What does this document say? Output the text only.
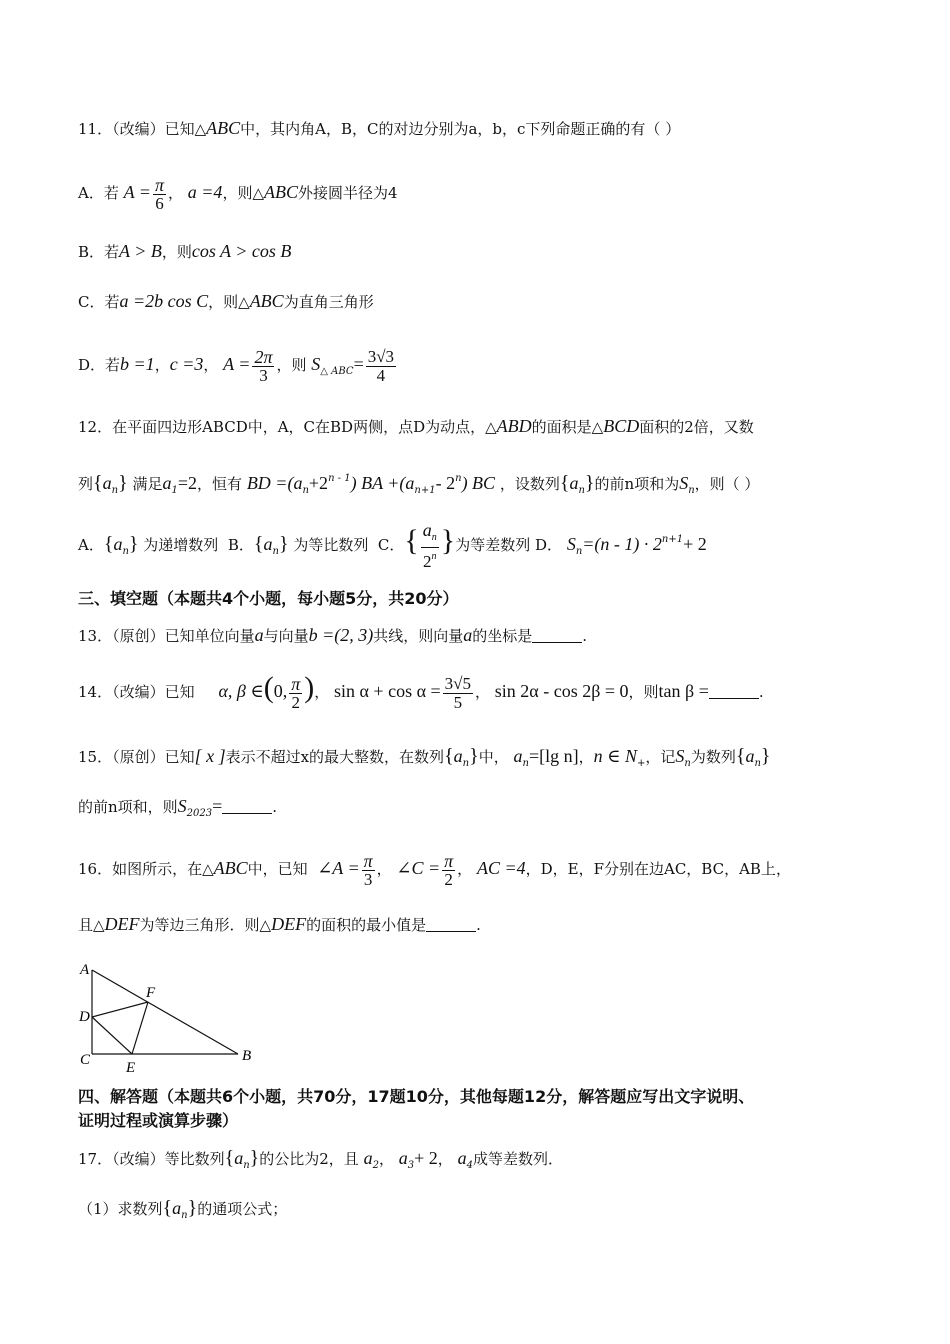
11．（改编）已知△ABC中，其内角A，B，C的对边分别为a，b，c下列命题正确的有（ ）
A．若 $A = \frac{\pi}{6}$ ， a =4，则△ABC外接圆半径为4
B．若A > B，则cos A > cos B
C．若a =2b cos C，则△ABC为直角三角形
D．若b =1，c =3， $A = \frac{2\pi}{3}$ ，则 $S_{\triangle ABC}= \frac{3√3}{4}$
12．在平面四边形ABCD中，A，C在BD两侧，点D为动点，△ABD的面积是△BCD面积的2倍，又数
列$\{a_n\}$ 满足$a_1=2$，恒有 BD $=(a_n+2^{n - 1})$ BA $+(a_{n+1}-$ 2$^n$) BC ，设数列$\{a_n\}$的前n项和为$S_n$，则（ ）
A．$\{a_n\}$ 为递增数列 B．$\{a_n\}$ 为等比数列 C．{ $\frac{a_n}{2^n}$ }为等差数列 D． $S_n=(n - 1) \cdot 2^{n+1}+ 2$
三、填空题（本题共4个小题，每小题5分，共20分）
13．（原创）已知单位向量a与向量b =(2, 3)共线，则向量a的坐标是	.
14．（改编）已知 α, β ∈(0, $\frac{\pi}{2}$ )， $\sin \alpha + \cos \alpha = \frac{3√5}{5}$ ， sin 2α - cos 2β = 0，则tan β =	.
15．（原创）已知[ x ]表示不超过x的最大整数，在数列$\{a_n\}$中， $a_n=[\lg$ n]，n ∈ $N_+$，记$S_n$为数列$\{a_n\}$
的前n项和，则$S_{2023}=$	.
16．如图所示，在△ABC中，已知 ∠A = $\frac{\pi}{3}$ ， ∠C = $\frac{\pi}{2}$ ， AC =4，D，E，F分别在边AC，BC，AB上，
且△DEF为等边三角形．则△DEF的面积的最小值是	.
A
B
C
D
E
F
四、解答题（本题共6个小题，共70分，17题10分，其他每题12分，解答题应写出文字说明、
证明过程或演算步骤）
17．（改编）等比数列$\{a_n\}$的公比为2，且 $a_2$， $a_3+ 2$， $a_4$成等差数列．
（1）求数列$\{a_n\}$的通项公式；
